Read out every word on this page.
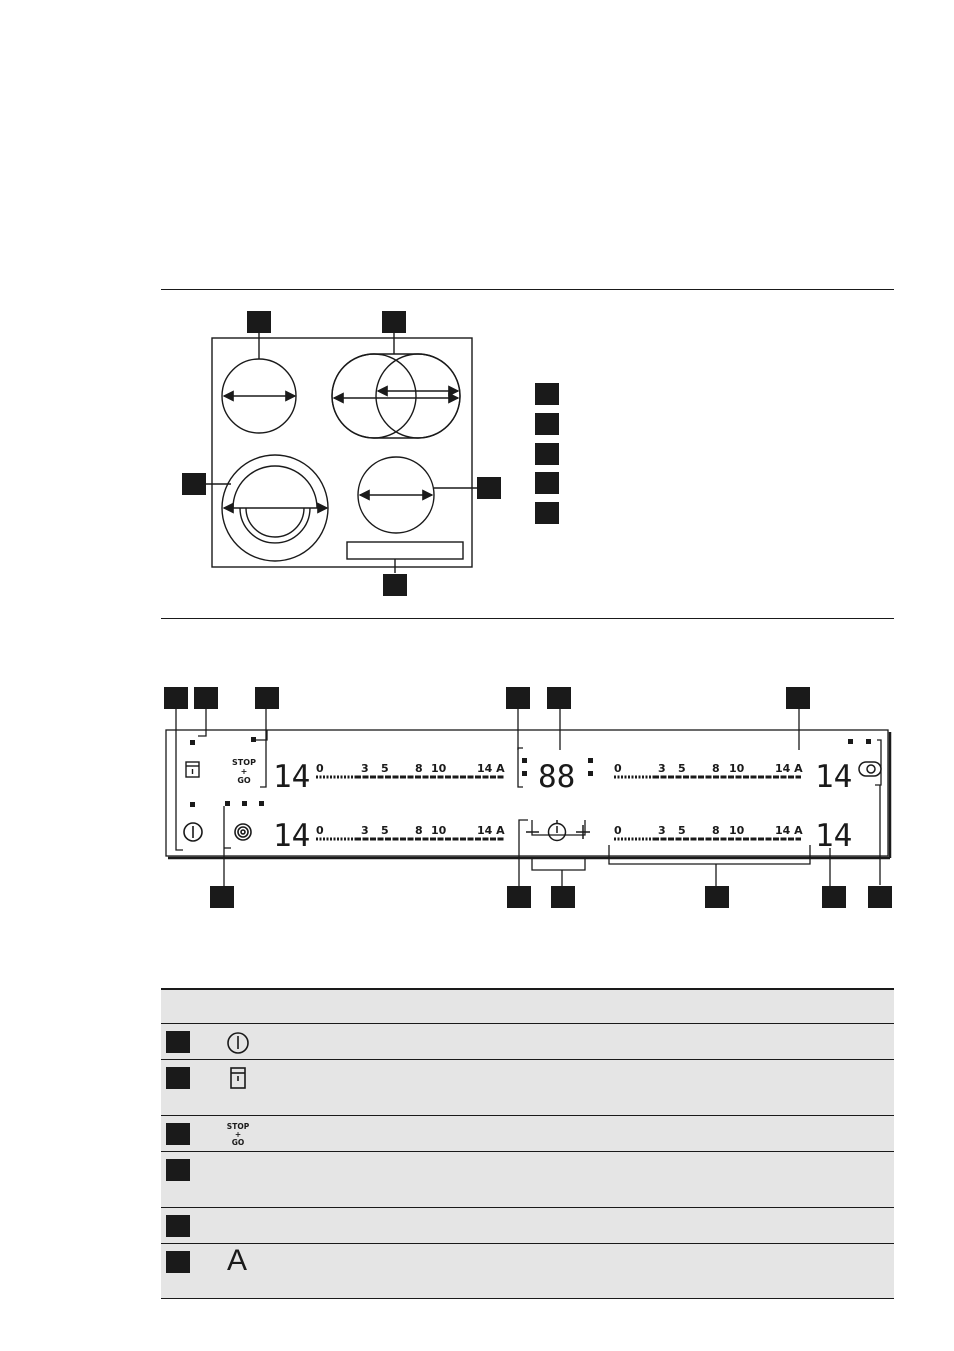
STOP
+
GO 14
14
14
14
88
0	3 5 8 10	14 A
0	3 5 8 10	14 A
0	3 5 8 10	14 A
0	3 5 8 10	14 A
STOP
+
GO
A
